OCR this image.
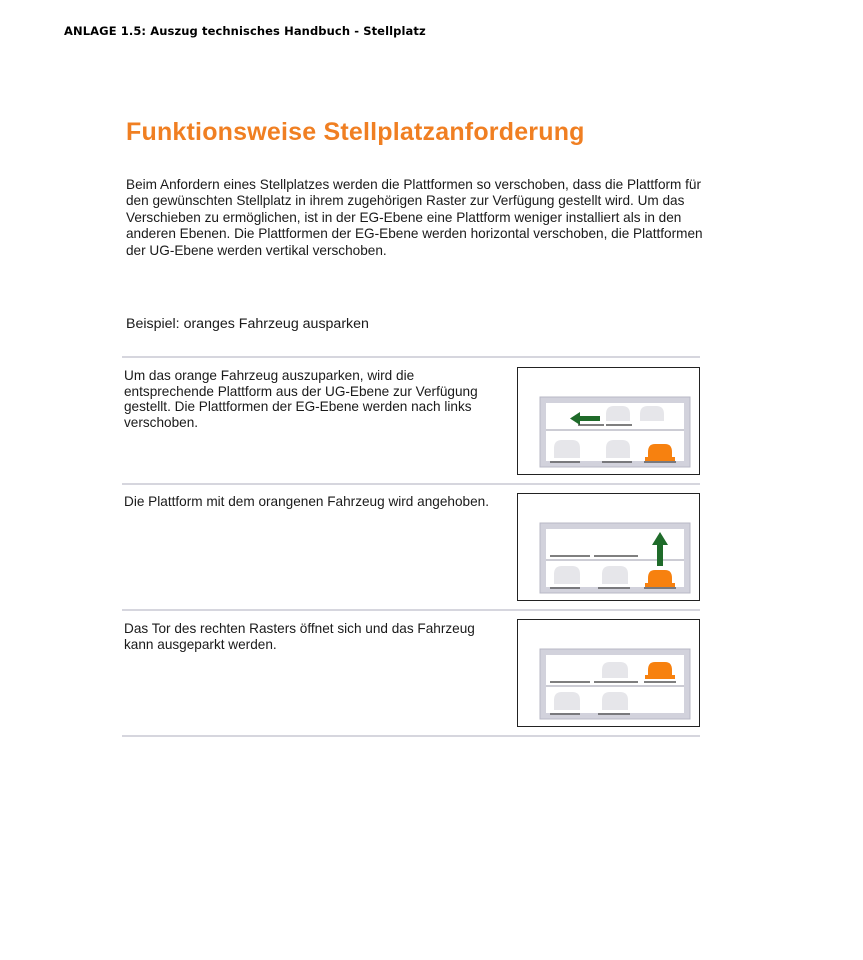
ANLAGE 1.5: Auszug technisches Handbuch - Stellplatz
Funktionsweise Stellplatzanforderung
Beim Anfordern eines Stellplatzes werden die Plattformen so verschoben, dass die Plattform für den gewünschten Stellplatz in ihrem zugehörigen Raster zur Verfügung gestellt wird. Um das Verschieben zu ermöglichen, ist in der EG-Ebene eine Plattform weniger installiert als in den anderen Ebenen. Die Plattformen der EG-Ebene werden horizontal verschoben, die Plattformen der UG-Ebene werden vertikal verschoben.
Beispiel: oranges Fahrzeug ausparken
Um das orange Fahrzeug auszuparken, wird die entsprechende Plattform aus der UG-Ebene zur Verfügung gestellt. Die Plattformen der EG-Ebene werden nach links verschoben.
Die Plattform mit dem orangenen Fahrzeug wird angehoben.
Das Tor des rechten Rasters öffnet sich und das Fahrzeug kann ausgeparkt werden.
